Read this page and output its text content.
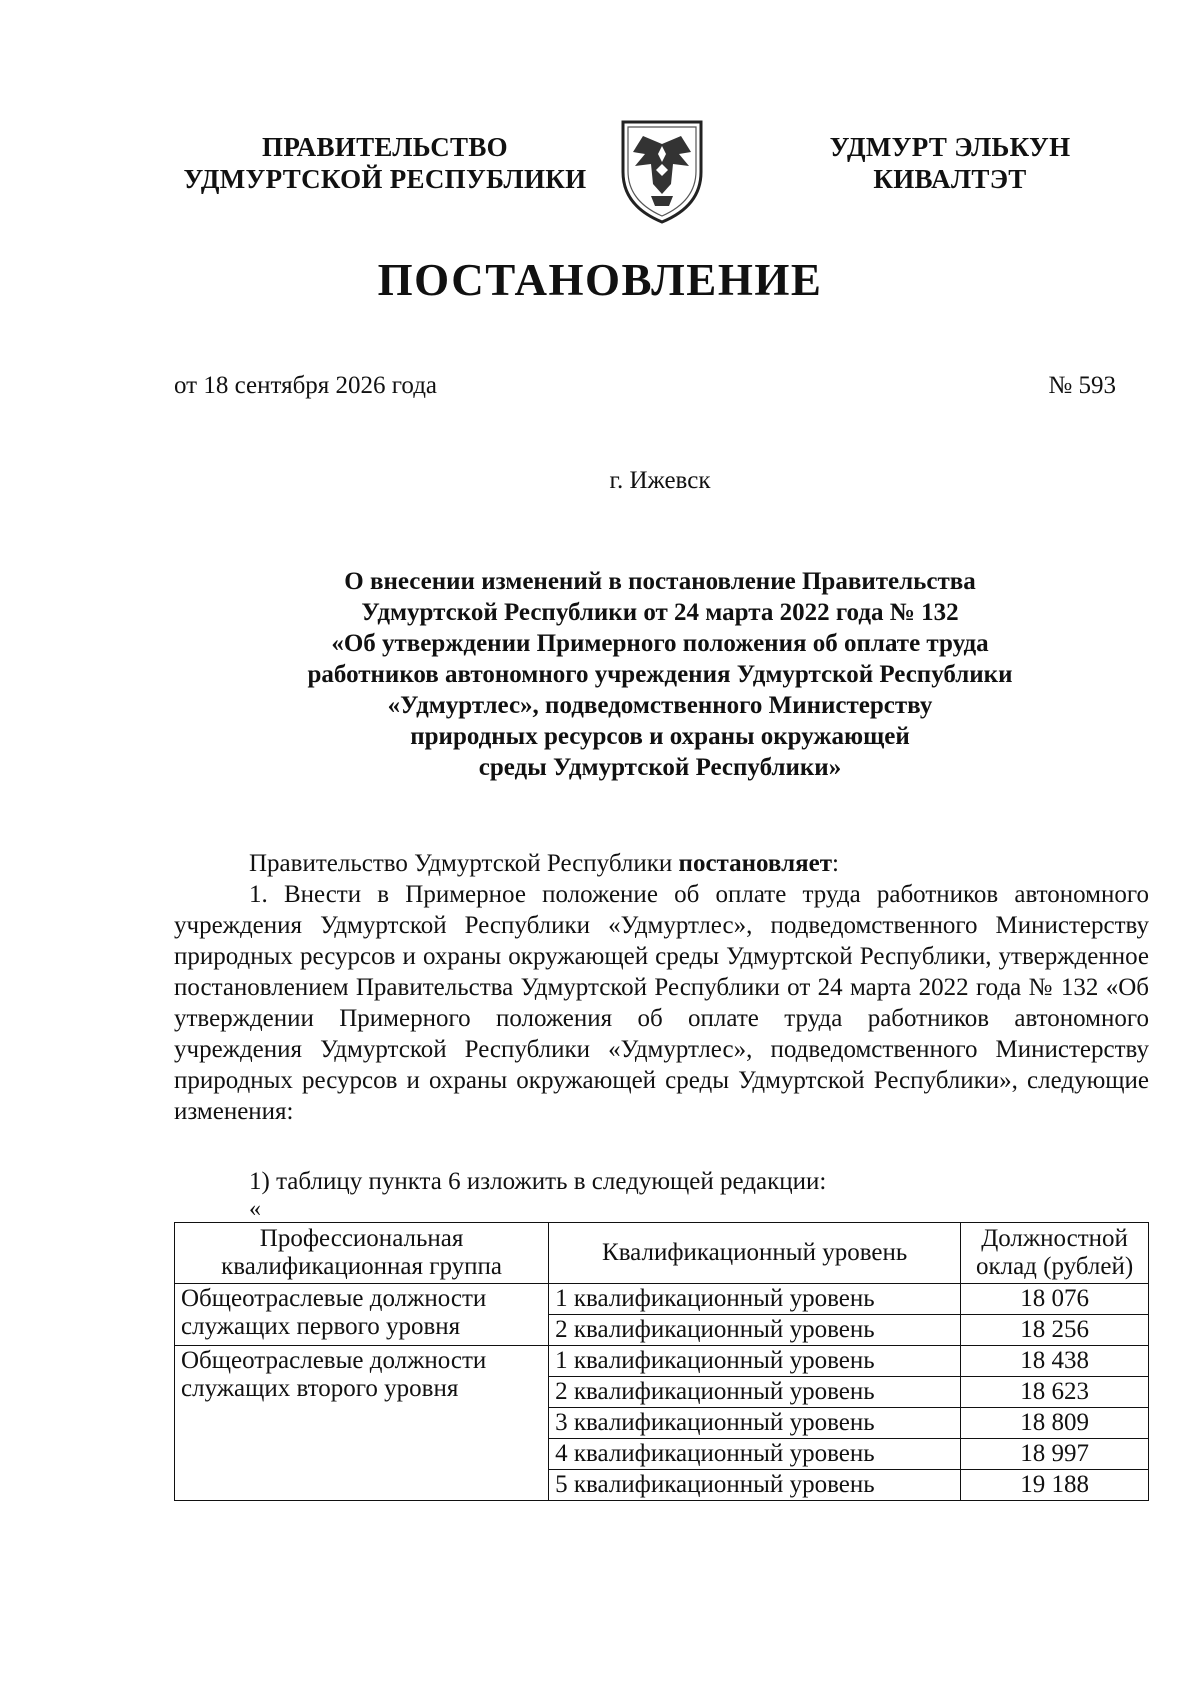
ПРАВИТЕЛЬСТВО
УДМУРТСКОЙ РЕСПУБЛИКИ
УДМУРТ ЭЛЬКУН
КИВАЛТЭТ
ПОСТАНОВЛЕНИЕ
от 18 сентября 2026 года	№ 593
г. Ижевск
О внесении изменений в постановление Правительства
Удмуртской Республики от 24 марта 2022 года № 132
«Об утверждении Примерного положения об оплате труда
работников автономного учреждения Удмуртской Республики
«Удмуртлес», подведомственного Министерству
природных ресурсов и охраны окружающей
среды Удмуртской Республики»
Правительство Удмуртской Республики постановляет:
1. Внести в Примерное положение об оплате труда работников автономного учреждения Удмуртской Республики «Удмуртлес», подведомственного Министерству природных ресурсов и охраны окружающей среды Удмуртской Республики, утвержденное постановлением Правительства Удмуртской Республики от 24 марта 2022 года № 132 «Об утверждении Примерного положения об оплате труда работников автономного учреждения Удмуртской Республики «Удмуртлес», подведомственного Министерству природных ресурсов и охраны окружающей среды Удмуртской Республики», следующие изменения:
1) таблицу пункта 6 изложить в следующей редакции:
«
Профессиональная квалификационная группа	Квалификационный уровень	Должностной оклад (рублей)
Общеотраслевые должности служащих первого уровня	1 квалификационный уровень	18 076
	2 квалификационный уровень	18 256
Общеотраслевые должности служащих второго уровня	1 квалификационный уровень	18 438
	2 квалификационный уровень	18 623
	3 квалификационный уровень	18 809
	4 квалификационный уровень	18 997
	5 квалификационный уровень	19 188
